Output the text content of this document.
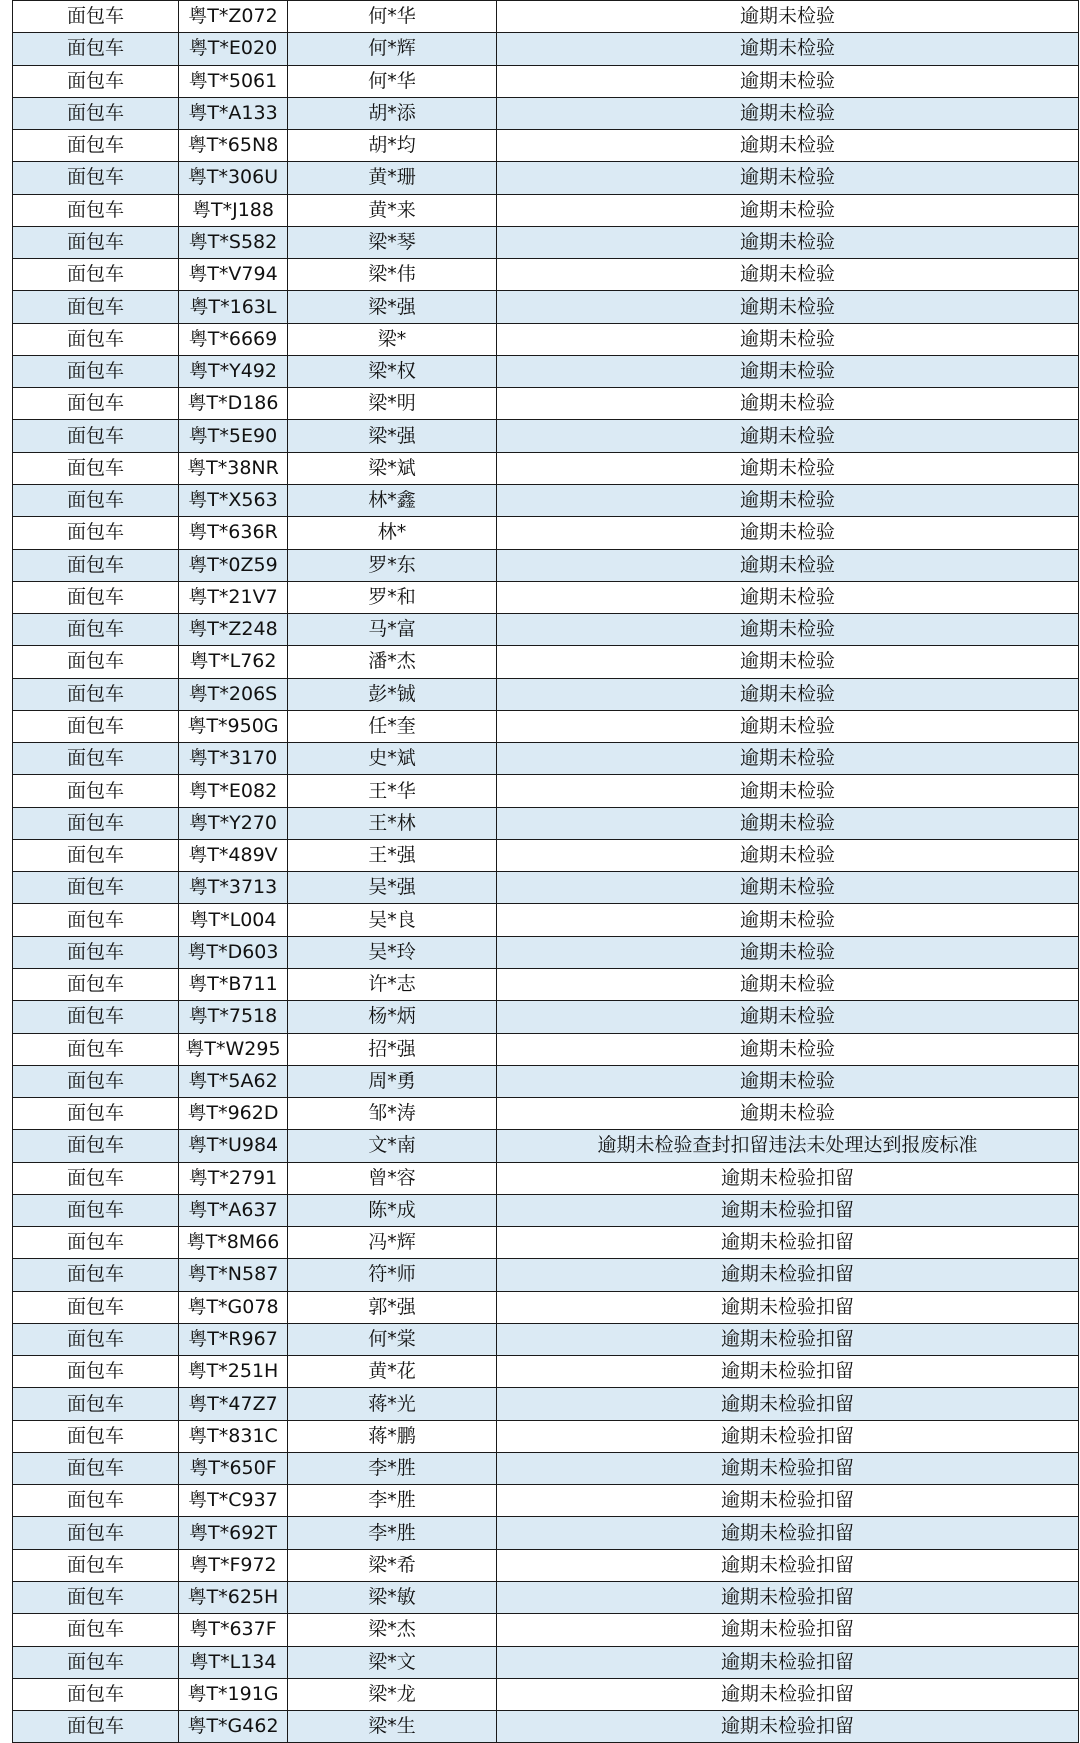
面包车	粤T*Z072	何*华	逾期未检验
面包车	粤T*E020	何*辉	逾期未检验
面包车	粤T*5061	何*华	逾期未检验
面包车	粤T*A133	胡*添	逾期未检验
面包车	粤T*65N8	胡*均	逾期未检验
面包车	粤T*306U	黄*珊	逾期未检验
面包车	粤T*J188	黄*来	逾期未检验
面包车	粤T*S582	梁*琴	逾期未检验
面包车	粤T*V794	梁*伟	逾期未检验
面包车	粤T*163L	梁*强	逾期未检验
面包车	粤T*6669	梁*	逾期未检验
面包车	粤T*Y492	梁*权	逾期未检验
面包车	粤T*D186	梁*明	逾期未检验
面包车	粤T*5E90	梁*强	逾期未检验
面包车	粤T*38NR	梁*斌	逾期未检验
面包车	粤T*X563	林*鑫	逾期未检验
面包车	粤T*636R	林*	逾期未检验
面包车	粤T*0Z59	罗*东	逾期未检验
面包车	粤T*21V7	罗*和	逾期未检验
面包车	粤T*Z248	马*富	逾期未检验
面包车	粤T*L762	潘*杰	逾期未检验
面包车	粤T*206S	彭*铖	逾期未检验
面包车	粤T*950G	任*奎	逾期未检验
面包车	粤T*3170	史*斌	逾期未检验
面包车	粤T*E082	王*华	逾期未检验
面包车	粤T*Y270	王*林	逾期未检验
面包车	粤T*489V	王*强	逾期未检验
面包车	粤T*3713	吴*强	逾期未检验
面包车	粤T*L004	吴*良	逾期未检验
面包车	粤T*D603	吴*玲	逾期未检验
面包车	粤T*B711	许*志	逾期未检验
面包车	粤T*7518	杨*炳	逾期未检验
面包车	粤T*W295	招*强	逾期未检验
面包车	粤T*5A62	周*勇	逾期未检验
面包车	粤T*962D	邹*涛	逾期未检验
面包车	粤T*U984	文*南	逾期未检验查封扣留违法未处理达到报废标准
面包车	粤T*2791	曾*容	逾期未检验扣留
面包车	粤T*A637	陈*成	逾期未检验扣留
面包车	粤T*8M66	冯*辉	逾期未检验扣留
面包车	粤T*N587	符*师	逾期未检验扣留
面包车	粤T*G078	郭*强	逾期未检验扣留
面包车	粤T*R967	何*棠	逾期未检验扣留
面包车	粤T*251H	黄*花	逾期未检验扣留
面包车	粤T*47Z7	蒋*光	逾期未检验扣留
面包车	粤T*831C	蒋*鹏	逾期未检验扣留
面包车	粤T*650F	李*胜	逾期未检验扣留
面包车	粤T*C937	李*胜	逾期未检验扣留
面包车	粤T*692T	李*胜	逾期未检验扣留
面包车	粤T*F972	梁*希	逾期未检验扣留
面包车	粤T*625H	梁*敏	逾期未检验扣留
面包车	粤T*637F	梁*杰	逾期未检验扣留
面包车	粤T*L134	梁*文	逾期未检验扣留
面包车	粤T*191G	梁*龙	逾期未检验扣留
面包车	粤T*G462	梁*生	逾期未检验扣留
